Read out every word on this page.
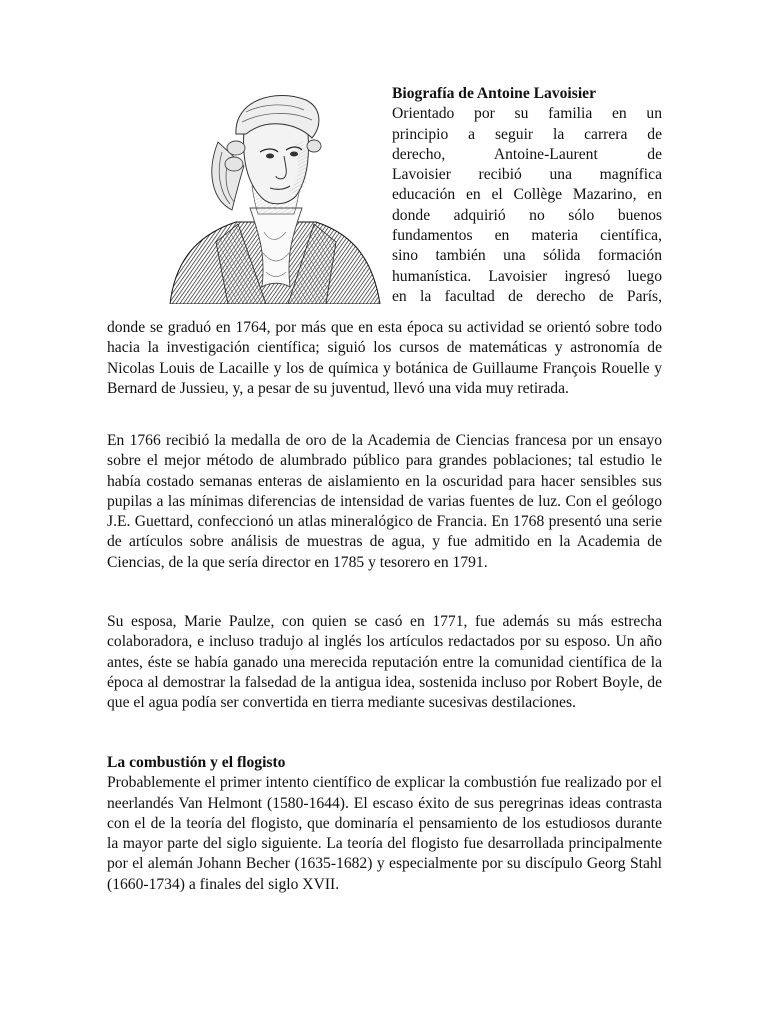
Biografía de Antoine Lavoisier

Orientado por su familia en un

principio a seguir la carrera de

derecho, Antoine-Laurent de

Lavoisier recibió una magnífica

educación en el Collège Mazarino, en

donde adquirió no sólo buenos

fundamentos en materia científica,

sino también una sólida formación

humanística. Lavoisier ingresó luego

en la facultad de derecho de París,

donde se graduó en 1764, por más que en esta época su actividad se orientó sobre todo hacia la investigación científica; siguió los cursos de matemáticas y astronomía de Nicolas Louis de Lacaille y los de química y botánica de Guillaume François Rouelle y Bernard de Jussieu, y, a pesar de su juventud, llevó una vida muy retirada.

En 1766 recibió la medalla de oro de la Academia de Ciencias francesa por un ensayo sobre el mejor método de alumbrado público para grandes poblaciones; tal estudio le había costado semanas enteras de aislamiento en la oscuridad para hacer sensibles sus pupilas a las mínimas diferencias de intensidad de varias fuentes de luz. Con el geólogo J.E. Guettard, confeccionó un atlas mineralógico de Francia. En 1768 presentó una serie de artículos sobre análisis de muestras de agua, y fue admitido en la Academia de Ciencias, de la que sería director en 1785 y tesorero en 1791.

Su esposa, Marie Paulze, con quien se casó en 1771, fue además su más estrecha colaboradora, e incluso tradujo al inglés los artículos redactados por su esposo. Un año antes, éste se había ganado una merecida reputación entre la comunidad científica de la época al demostrar la falsedad de la antigua idea, sostenida incluso por Robert Boyle, de que el agua podía ser convertida en tierra mediante sucesivas destilaciones.

La combustión y el flogisto

Probablemente el primer intento científico de explicar la combustión fue realizado por el neerlandés Van Helmont (1580-1644). El escaso éxito de sus peregrinas ideas contrasta con el de la teoría del flogisto, que dominaría el pensamiento de los estudiosos durante la mayor parte del siglo siguiente. La teoría del flogisto fue desarrollada principalmente por el alemán Johann Becher (1635-1682) y especialmente por su discípulo Georg Stahl (1660-1734) a finales del siglo XVII.
